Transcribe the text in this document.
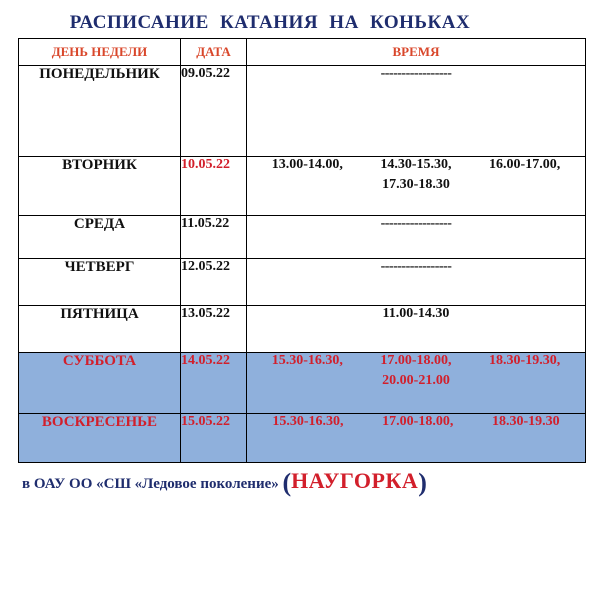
РАСПИСАНИЕ КАТАНИЯ НА КОНЬКАХ
ДЕНЬ НЕДЕЛИ	ДАТА	ВРЕМЯ

ПОНЕДЕЛЬНИК	09.05.22	-----------------
ВТОРНИК	10.05.22	13.00-14.00, 14.30-15.30, 16.00-17.00,
17.30-18.30

СРЕДА	11.05.22	-----------------
ЧЕТВЕРГ	12.05.22	-----------------
ПЯТНИЦА	13.05.22	11.00-14.30
СУББОТА	14.05.22	15.30-16.30, 17.00-18.00, 18.30-19.30,
20.00-21.00

ВОСКРЕСЕНЬЕ	15.05.22	15.30-16.30, 17.00-18.00, 18.30-19.30
в ОАУ ОО «СШ «Ледовое поколение» (НАУГОРКА)
